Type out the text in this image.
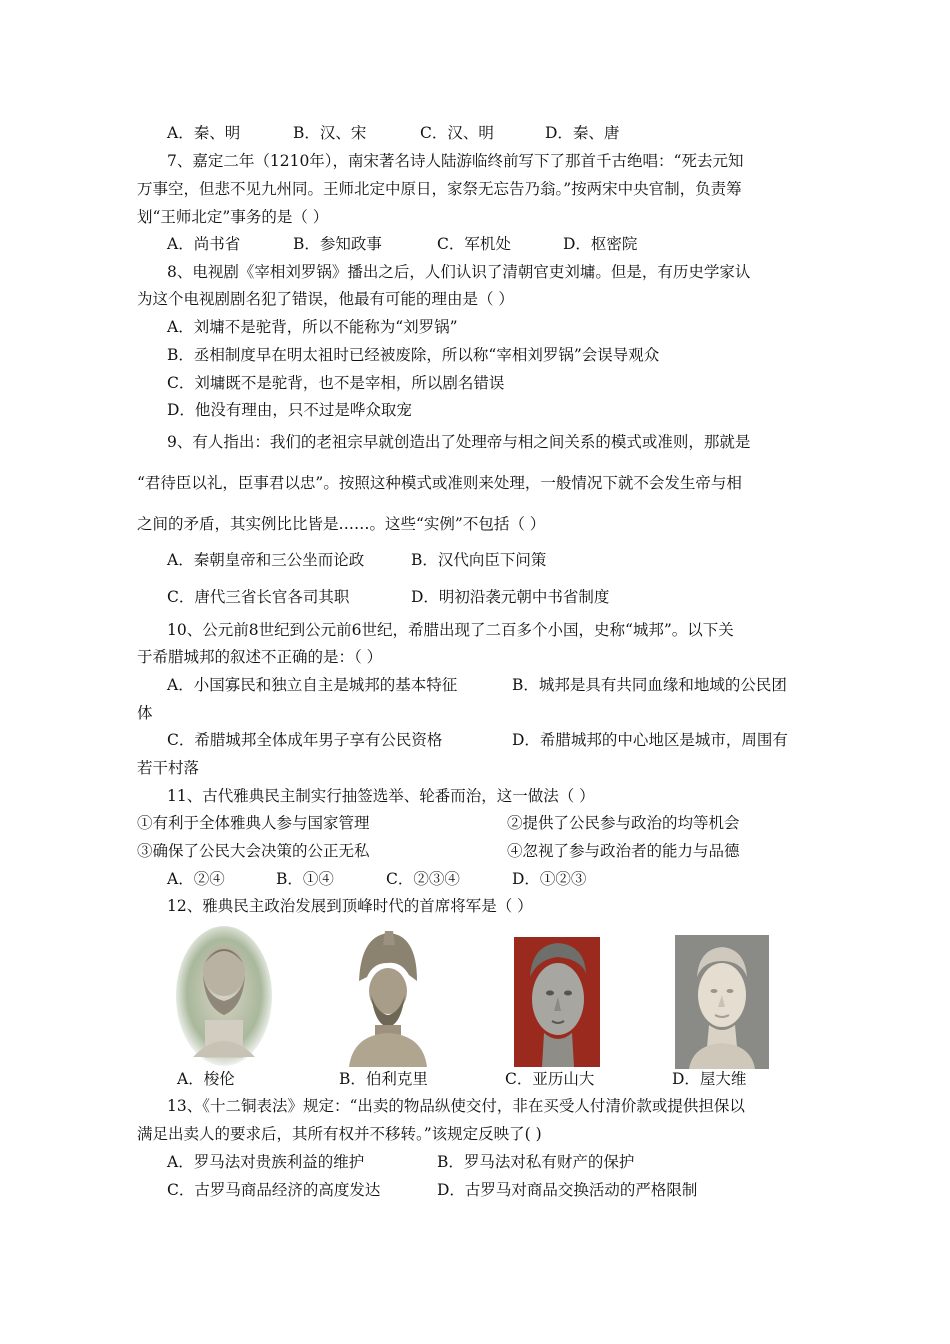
A．秦、明	B．汉、宋	C．汉、明	D．秦、唐
7、嘉定二年（1210年），南宋著名诗人陆游临终前写下了那首千古绝唱：“死去元知
万事空，但悲不见九州同。王师北定中原日，家祭无忘告乃翁。”按两宋中央官制，负责筹
划“王师北定”事务的是（ ）
A．尚书省	B．参知政事	C．军机处	D．枢密院
8、电视剧《宰相刘罗锅》播出之后，人们认识了清朝官吏刘墉。但是，有历史学家认
为这个电视剧剧名犯了错误，他最有可能的理由是（ ）
A．刘墉不是驼背，所以不能称为“刘罗锅”
B．丞相制度早在明太祖时已经被废除，所以称“宰相刘罗锅”会误导观众
C．刘墉既不是驼背，也不是宰相，所以剧名错误
D．他没有理由，只不过是哗众取宠
9、有人指出：我们的老祖宗早就创造出了处理帝与相之间关系的模式或准则，那就是
“君待臣以礼，臣事君以忠”。按照这种模式或准则来处理，一般情况下就不会发生帝与相
之间的矛盾，其实例比比皆是……。这些“实例”不包括（ ）
A．秦朝皇帝和三公坐而论政	B．汉代向臣下问策
C．唐代三省长官各司其职	D．明初沿袭元朝中书省制度
10、公元前8世纪到公元前6世纪，希腊出现了二百多个小国，史称“城邦”。以下关
于希腊城邦的叙述不正确的是：（ ）
A．小国寡民和独立自主是城邦的基本特征	B．城邦是具有共同血缘和地域的公民团
体
C．希腊城邦全体成年男子享有公民资格	D．希腊城邦的中心地区是城市，周围有
若干村落
11、古代雅典民主制实行抽签选举、轮番而治，这一做法（ ）
①有利于全体雅典人参与国家管理	②提供了公民参与政治的均等机会
③确保了公民大会决策的公正无私	④忽视了参与政治者的能力与品德
A．②④	B．①④	C．②③④	D．①②③
12、雅典民主政治发展到顶峰时代的首席将军是（ ）
A．梭伦	B．伯利克里	C．亚历山大	D．屋大维
13、《十二铜表法》规定：“出卖的物品纵使交付，非在买受人付清价款或提供担保以
满足出卖人的要求后，其所有权并不移转。”该规定反映了( )
A．罗马法对贵族利益的维护	B．罗马法对私有财产的保护
C．古罗马商品经济的高度发达	D．古罗马对商品交换活动的严格限制
